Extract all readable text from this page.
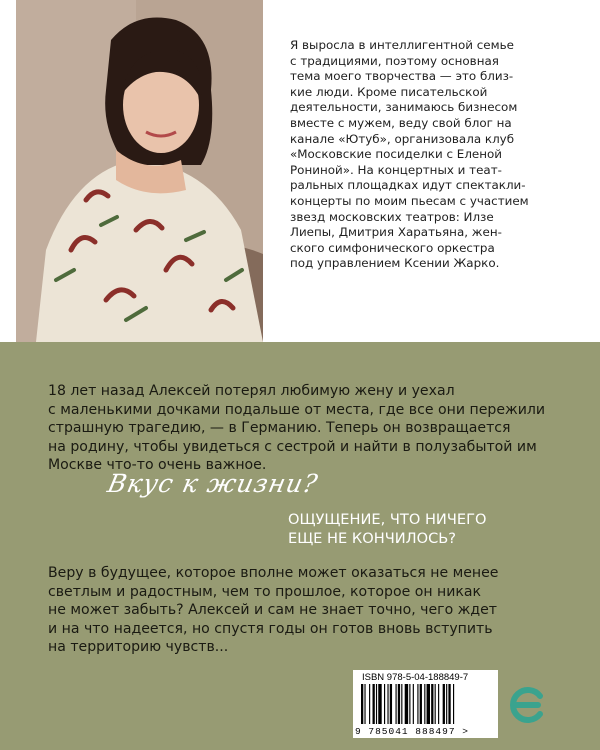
Я выросла в интеллигентной семье
с традициями, поэтому основная
тема моего творчества — это близ-
кие люди. Кроме писательской
деятельности, занимаюсь бизнесом
вместе с мужем, веду свой блог на
канале «Ютуб», организовала клуб
«Московские посиделки с Еленой
Рониной». На концертных и теат-
ральных площадках идут спектакли-
концерты по моим пьесам с участием
звезд московских театров: Илзе
Лиепы, Дмитрия Харатьяна, жен-
ского симфонического оркестра
под управлением Ксении Жарко.
18 лет назад Алексей потерял любимую жену и уехал
с маленькими дочками подальше от места, где все они пережили
страшную трагедию, — в Германию. Теперь он возвращается
на родину, чтобы увидеться с сестрой и найти в полузабытой им
Москве что-то очень важное.
Вкус к жизни?
ОЩУЩЕНИЕ, ЧТО НИЧЕГО
ЕЩЕ НЕ КОНЧИЛОСЬ?
Веру в будущее, которое вполне может оказаться не менее
светлым и радостным, чем то прошлое, которое он никак
не может забыть? Алексей и сам не знает точно, чего ждет
и на что надеется, но спустя годы он готов вновь вступить
на территорию чувств...
ISBN 978-5-04-188849-7
9 785041 888497 >
